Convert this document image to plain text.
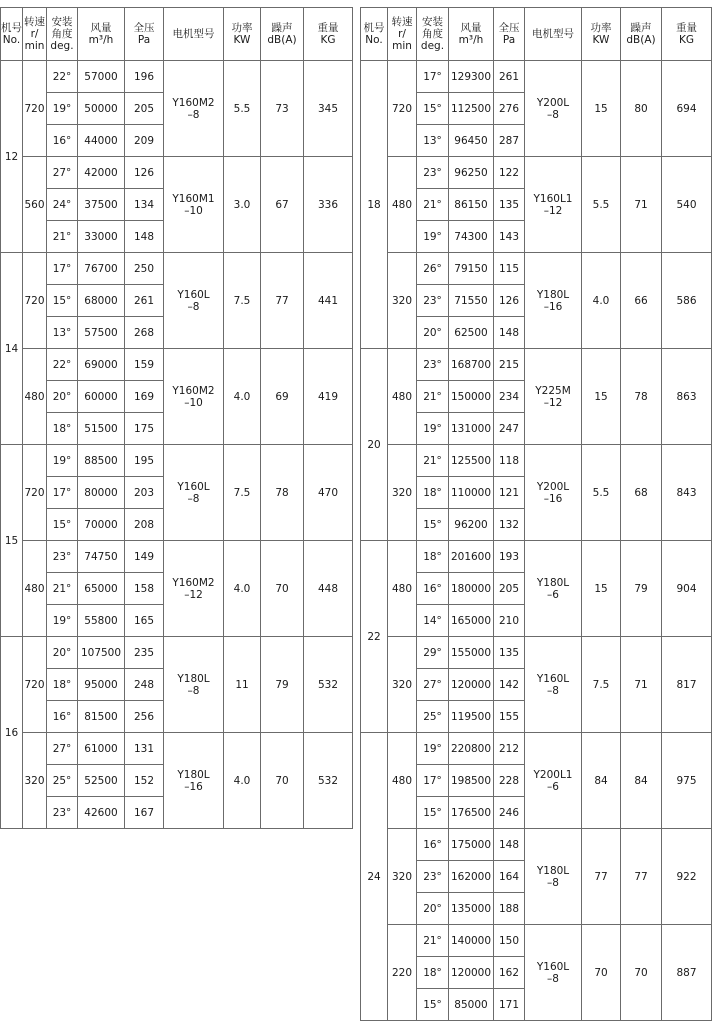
机号
No.	转速
r/
min	安装
角度
deg.	风量
m³/h	全压
Pa	电机型号	功率
KW	躁声
dB(A)	重量
KG
12	720	22°	57000	196	Y160M2
–8	5.5	73	345
		19°	50000	205				
		16°	44000	209				
	560	27°	42000	126	Y160M1
–10	3.0	67	336
		24°	37500	134				
		21°	33000	148				
14	720	17°	76700	250	Y160L
–8	7.5	77	441
		15°	68000	261				
		13°	57500	268				
	480	22°	69000	159	Y160M2
–10	4.0	69	419
		20°	60000	169				
		18°	51500	175				
15	720	19°	88500	195	Y160L
–8	7.5	78	470
		17°	80000	203				
		15°	70000	208				
	480	23°	74750	149	Y160M2
–12	4.0	70	448
		21°	65000	158				
		19°	55800	165				
16	720	20°	107500	235	Y180L
–8	11	79	532
		18°	95000	248				
		16°	81500	256				
	320	27°	61000	131	Y180L
–16	4.0	70	532
		25°	52500	152				
		23°	42600	167				
机号
No.	转速
r/
min	安装
角度
deg.	风量
m³/h	全压
Pa	电机型号	功率
KW	躁声
dB(A)	重量
KG
18	720	17°	129300	261	Y200L
–8	15	80	694
		15°	112500	276				
		13°	96450	287				
	480	23°	96250	122	Y160L1
–12	5.5	71	540
		21°	86150	135				
		19°	74300	143				
	320	26°	79150	115	Y180L
–16	4.0	66	586
		23°	71550	126				
		20°	62500	148				
20	480	23°	168700	215	Y225M
–12	15	78	863
		21°	150000	234				
		19°	131000	247				
	320	21°	125500	118	Y200L
–16	5.5	68	843
		18°	110000	121				
		15°	96200	132				
22	480	18°	201600	193	Y180L
–6	15	79	904
		16°	180000	205				
		14°	165000	210				
	320	29°	155000	135	Y160L
–8	7.5	71	817
		27°	120000	142				
		25°	119500	155				
24	480	19°	220800	212	Y200L1
–6	84	84	975
		17°	198500	228				
		15°	176500	246				
	320	16°	175000	148	Y180L
–8	77	77	922
		23°	162000	164				
		20°	135000	188				
	220	21°	140000	150	Y160L
–8	70	70	887
		18°	120000	162				
		15°	85000	171				
